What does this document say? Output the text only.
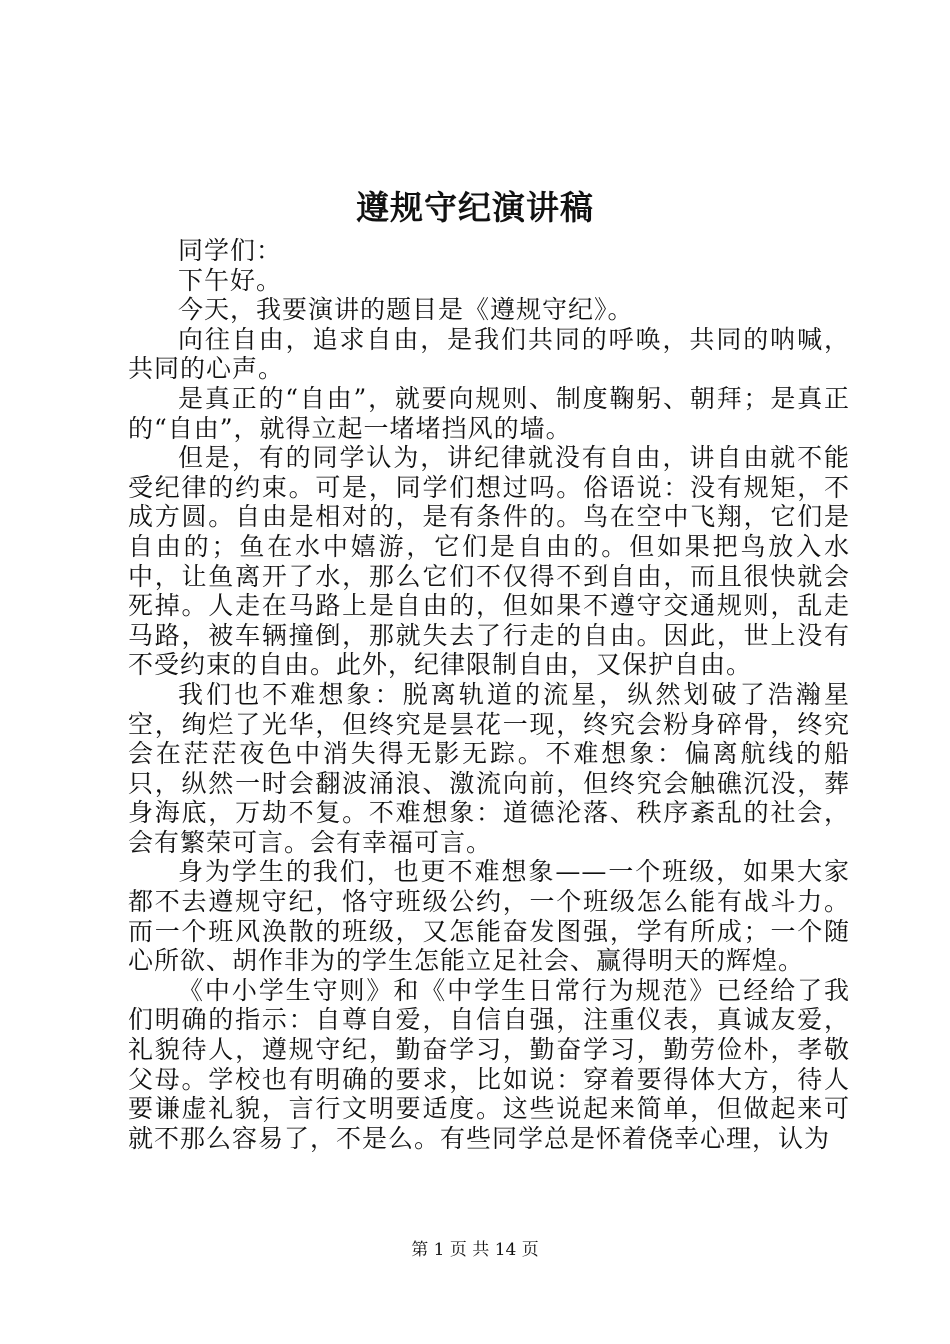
遵规守纪演讲稿

同学们：

下午好。

今天，我要演讲的题目是《遵规守纪》。

向往自由，追求自由，是我们共同的呼唤，共同的呐喊，共同的心声。

是真正的“自由”，就要向规则、制度鞠躬、朝拜；是真正的“自由”，就得立起一堵堵挡风的墙。

但是，有的同学认为，讲纪律就没有自由，讲自由就不能受纪律的约束。可是，同学们想过吗。俗语说：没有规矩，不成方圆。自由是相对的，是有条件的。鸟在空中飞翔，它们是自由的；鱼在水中嬉游，它们是自由的。但如果把鸟放入水中，让鱼离开了水，那么它们不仅得不到自由，而且很快就会死掉。人走在马路上是自由的，但如果不遵守交通规则，乱走马路，被车辆撞倒，那就失去了行走的自由。因此，世上没有不受约束的自由。此外，纪律限制自由，又保护自由。

我们也不难想象：脱离轨道的流星，纵然划破了浩瀚星空，绚烂了光华，但终究是昙花一现，终究会粉身碎骨，终究会在茫茫夜色中消失得无影无踪。不难想象：偏离航线的船只，纵然一时会翻波涌浪、激流向前，但终究会触礁沉没，葬身海底，万劫不复。不难想象：道德沦落、秩序紊乱的社会，会有繁荣可言。会有幸福可言。

身为学生的我们，也更不难想象——一个班级，如果大家都不去遵规守纪，恪守班级公约，一个班级怎么能有战斗力。而一个班风涣散的班级，又怎能奋发图强，学有所成；一个随心所欲、胡作非为的学生怎能立足社会、赢得明天的辉煌。

《中小学生守则》和《中学生日常行为规范》已经给了我们明确的指示：自尊自爱，自信自强，注重仪表，真诚友爱，礼貌待人，遵规守纪，勤奋学习，勤奋学习，勤劳俭朴，孝敬父母。学校也有明确的要求，比如说：穿着要得体大方，待人要谦虚礼貌，言行文明要适度。这些说起来简单，但做起来可就不那么容易了，不是么。有些同学总是怀着侥幸心理，认为

第 1 页 共 14 页
